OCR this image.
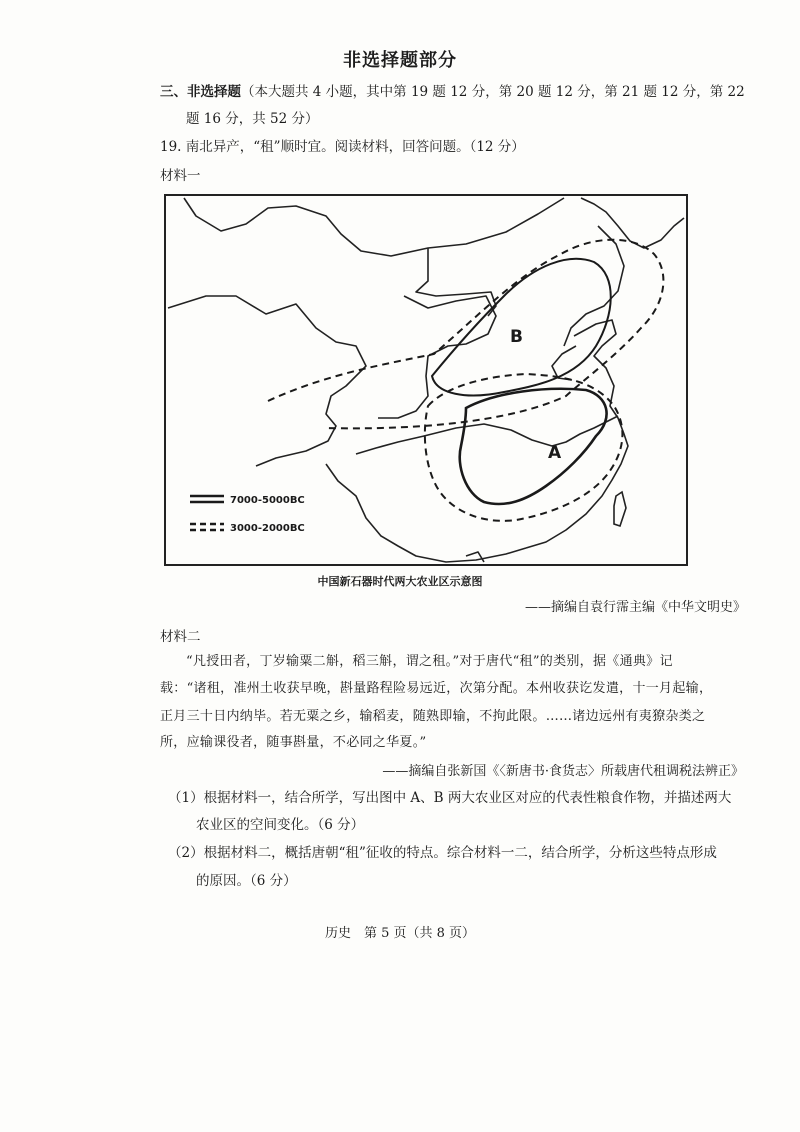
非选择题部分
三、非选择题（本大题共 4 小题，其中第 19 题 12 分，第 20 题 12 分，第 21 题 12 分，第 22
题 16 分，共 52 分）
19. 南北异产，“租”顺时宜。阅读材料，回答问题。（12 分）
材料一
B
A
7000-5000BC
3000-2000BC
中国新石器时代两大农业区示意图
——摘编自袁行霈主编《中华文明史》
材料二
“凡授田者，丁岁输粟二斛，稻三斛，谓之租。”对于唐代“租”的类别，据《通典》记
载：“诸租，准州土收获早晚，斟量路程险易远近，次第分配。本州收获讫发遣，十一月起输，
正月三十日内纳毕。若无粟之乡，输稻麦，随熟即输，不拘此限。……诸边远州有夷獠杂类之
所，应输课役者，随事斟量，不必同之华夏。”
——摘编自张新国《〈新唐书·食货志〉所载唐代租调税法辨正》
（1）根据材料一，结合所学，写出图中 A、B 两大农业区对应的代表性粮食作物，并描述两大
农业区的空间变化。（6 分）
（2）根据材料二，概括唐朝“租”征收的特点。综合材料一二，结合所学，分析这些特点形成
的原因。（6 分）
历史　第 5 页（共 8 页）
